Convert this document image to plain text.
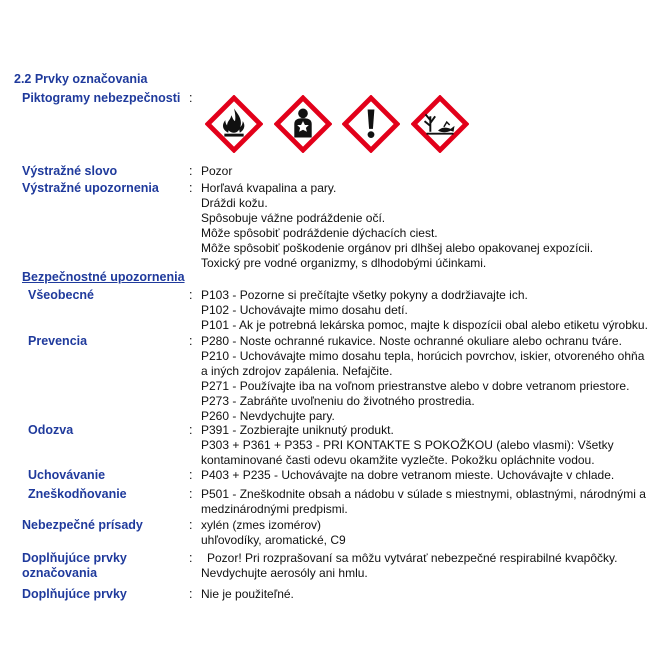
2.2 Prvky označovania
Piktogramy nebezpečnosti :
Výstražné slovo	: Pozor
Výstražné upozornenia : Horľavá kvapalina a pary.
Dráždi kožu.
Spôsobuje vážne podráždenie očí.
Môže spôsobiť podráždenie dýchacích ciest.
Môže spôsobiť poškodenie orgánov pri dlhšej alebo opakovanej expozícii.
Toxický pre vodné organizmy, s dlhodobými účinkami.
Bezpečnostné upozornenia
Všeobecné	: P103 - Pozorne si prečítajte všetky pokyny a dodržiavajte ich.
P102 - Uchovávajte mimo dosahu detí.
P101 - Ak je potrebná lekárska pomoc, majte k dispozícii obal alebo etiketu výrobku.
Prevencia	: P280 - Noste ochranné rukavice. Noste ochranné okuliare alebo ochranu tváre.
P210 - Uchovávajte mimo dosahu tepla, horúcich povrchov, iskier, otvoreného ohňa
a iných zdrojov zapálenia. Nefajčite.
P271 - Používajte iba na voľnom priestranstve alebo v dobre vetranom priestore.
P273 - Zabráňte uvoľneniu do životného prostredia.
P260 - Nevdychujte pary.
Odozva	: P391 - Zozbierajte uniknutý produkt.
P303 + P361 + P353 - PRI KONTAKTE S POKOŽKOU (alebo vlasmi): Všetky
kontaminované časti odevu okamžite vyzlečte. Pokožku opláchnite vodou.
Uchovávanie	: P403 + P235 - Uchovávajte na dobre vetranom mieste. Uchovávajte v chlade.
Zneškodňovanie	: P501 - Zneškodnite obsah a nádobu v súlade s miestnymi, oblastnými, národnými a
medzinárodnými predpismi.
Nebezpečné prísady	: xylén (zmes izomérov)
uhľovodíky, aromatické, C9
Doplňujúce prvky
označovania
:	Pozor! Pri rozprašovaní sa môžu vytvárať nebezpečné respirabilné kvapôčky.
Nevdychujte aerosóly ani hmlu.
Doplňujúce prvky	: Nie je použiteľné.
